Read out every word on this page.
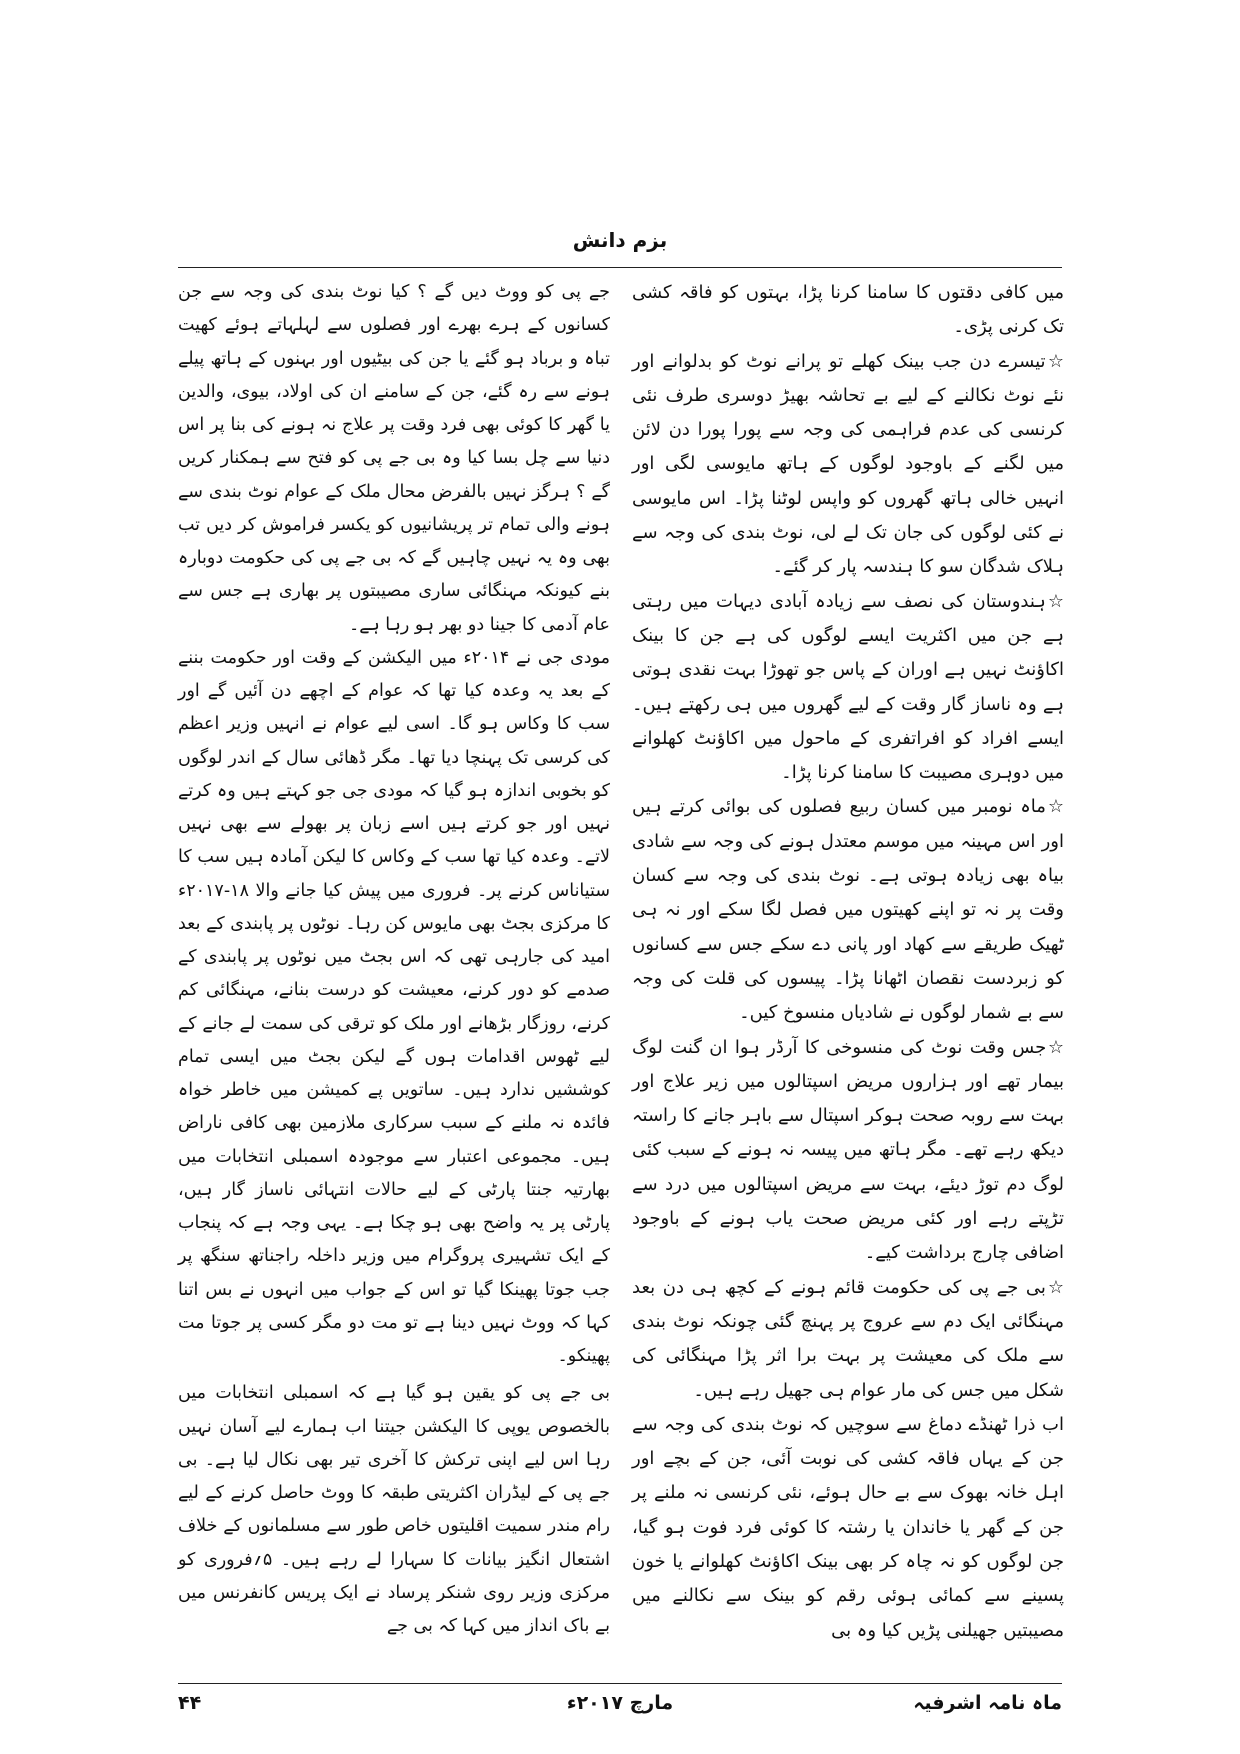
بزم دانش

میں کافی دقتوں کا سامنا کرنا پڑا، بہتوں کو فاقہ کشی تک کرنی پڑی۔

☆تیسرے دن جب بینک کھلے تو پرانے نوٹ کو بدلوانے اور نئے نوٹ نکالنے کے لیے بے تحاشہ بھیڑ دوسری طرف نئی کرنسی کی عدم فراہمی کی وجہ سے پورا پورا دن لائن میں لگنے کے باوجود لوگوں کے ہاتھ مایوسی لگی اور انہیں خالی ہاتھ گھروں کو واپس لوٹنا پڑا۔ اس مایوسی نے کئی لوگوں کی جان تک لے لی، نوٹ بندی کی وجہ سے ہلاک شدگان سو کا ہندسہ پار کر گئے۔

☆ہندوستان کی نصف سے زیادہ آبادی دیہات میں رہتی ہے جن میں اکثریت ایسے لوگوں کی ہے جن کا بینک اکاؤنٹ نہیں ہے اوران کے پاس جو تھوڑا بہت نقدی ہوتی ہے وہ ناساز گار وقت کے لیے گھروں میں ہی رکھتے ہیں۔ ایسے افراد کو افراتفری کے ماحول میں اکاؤنٹ کھلوانے میں دوہری مصیبت کا سامنا کرنا پڑا۔

☆ماہ نومبر میں کسان ربیع فصلوں کی بوائی کرتے ہیں اور اس مہینہ میں موسم معتدل ہونے کی وجہ سے شادی بیاہ بھی زیادہ ہوتی ہے۔ نوٹ بندی کی وجہ سے کسان وقت پر نہ تو اپنے کھیتوں میں فصل لگا سکے اور نہ ہی ٹھیک طریقے سے کھاد اور پانی دے سکے جس سے کسانوں کو زبردست نقصان اٹھانا پڑا۔ پیسوں کی قلت کی وجہ سے بے شمار لوگوں نے شادیاں منسوخ کیں۔

☆جس وقت نوٹ کی منسوخی کا آرڈر ہوا ان گنت لوگ بیمار تھے اور ہزاروں مریض اسپتالوں میں زیر علاج اور بہت سے روبہ صحت ہوکر اسپتال سے باہر جانے کا راستہ دیکھ رہے تھے۔ مگر ہاتھ میں پیسہ نہ ہونے کے سبب کئی لوگ دم توڑ دیئے، بہت سے مریض اسپتالوں میں درد سے تڑپتے رہے اور کئی مریض صحت یاب ہونے کے باوجود اضافی چارج برداشت کیے۔

☆بی جے پی کی حکومت قائم ہونے کے کچھ ہی دن بعد مہنگائی ایک دم سے عروج پر پہنچ گئی چونکہ نوٹ بندی سے ملک کی معیشت پر بہت برا اثر پڑا مہنگائی کی شکل میں جس کی مار عوام ہی جھیل رہے ہیں۔

اب ذرا ٹھنڈے دماغ سے سوچیں کہ نوٹ بندی کی وجہ سے جن کے یہاں فاقہ کشی کی نوبت آئی، جن کے بچے اور اہل خانہ بھوک سے بے حال ہوئے، نئی کرنسی نہ ملنے پر جن کے گھر یا خاندان یا رشتہ کا کوئی فرد فوت ہو گیا، جن لوگوں کو نہ چاہ کر بھی بینک اکاؤنٹ کھلوانے یا خون پسینے سے کمائی ہوئی رقم کو بینک سے نکالنے میں مصیبتیں جھیلنی پڑیں کیا وہ بی

جے پی کو ووٹ دیں گے ؟ کیا نوٹ بندی کی وجہ سے جن کسانوں کے ہرے بھرے اور فصلوں سے لہلہاتے ہوئے کھیت تباہ و برباد ہو گئے یا جن کی بیٹیوں اور بہنوں کے ہاتھ پیلے ہونے سے رہ گئے، جن کے سامنے ان کی اولاد، بیوی، والدین یا گھر کا کوئی بھی فرد وقت پر علاج نہ ہونے کی بنا پر اس دنیا سے چل بسا کیا وہ بی جے پی کو فتح سے ہمکنار کریں گے ؟ ہرگز نہیں بالفرض محال ملک کے عوام نوٹ بندی سے ہونے والی تمام تر پریشانیوں کو یکسر فراموش کر دیں تب بھی وہ یہ نہیں چاہیں گے کہ بی جے پی کی حکومت دوبارہ بنے کیونکہ مہنگائی ساری مصیبتوں پر بھاری ہے جس سے عام آدمی کا جینا دو بھر ہو رہا ہے۔

مودی جی نے ۲۰۱۴ء میں الیکشن کے وقت اور حکومت بننے کے بعد یہ وعدہ کیا تھا کہ عوام کے اچھے دن آئیں گے اور سب کا وکاس ہو گا۔ اسی لیے عوام نے انہیں وزیر اعظم کی کرسی تک پہنچا دیا تھا۔ مگر ڈھائی سال کے اندر لوگوں کو بخوبی اندازہ ہو گیا کہ مودی جی جو کہتے ہیں وہ کرتے نہیں اور جو کرتے ہیں اسے زبان پر بھولے سے بھی نہیں لاتے۔ وعدہ کیا تھا سب کے وکاس کا لیکن آمادہ ہیں سب کا ستیاناس کرنے پر۔ فروری میں پیش کیا جانے والا ۱۸-۲۰۱۷ء کا مرکزی بجٹ بھی مایوس کن رہا۔ نوٹوں پر پابندی کے بعد امید کی جارہی تھی کہ اس بجٹ میں نوٹوں پر پابندی کے صدمے کو دور کرنے، معیشت کو درست بنانے، مہنگائی کم کرنے، روزگار بڑھانے اور ملک کو ترقی کی سمت لے جانے کے لیے ٹھوس اقدامات ہوں گے لیکن بجٹ میں ایسی تمام کوششیں ندارد ہیں۔ ساتویں پے کمیشن میں خاطر خواہ فائدہ نہ ملنے کے سبب سرکاری ملازمین بھی کافی ناراض ہیں۔ مجموعی اعتبار سے موجودہ اسمبلی انتخابات میں بھارتیہ جنتا پارٹی کے لیے حالات انتہائی ناساز گار ہیں، پارٹی پر یہ واضح بھی ہو چکا ہے۔ یہی وجہ ہے کہ پنجاب کے ایک تشہیری پروگرام میں وزیر داخلہ راجناتھ سنگھ پر جب جوتا پھینکا گیا تو اس کے جواب میں انہوں نے بس اتنا کہا کہ ووٹ نہیں دینا ہے تو مت دو مگر کسی پر جوتا مت پھینکو۔

بی جے پی کو یقین ہو گیا ہے کہ اسمبلی انتخابات میں بالخصوص یوپی کا الیکشن جیتنا اب ہمارے لیے آسان نہیں رہا اس لیے اپنی ترکش کا آخری تیر بھی نکال لیا ہے۔ بی جے پی کے لیڈران اکثریتی طبقہ کا ووٹ حاصل کرنے کے لیے رام مندر سمیت اقلیتوں خاص طور سے مسلمانوں کے خلاف اشتعال انگیز بیانات کا سہارا لے رہے ہیں۔ ۵؍فروری کو مرکزی وزیر روی شنکر پرساد نے ایک پریس کانفرنس میں بے باک انداز میں کہا کہ بی جے

ماہ نامہ اشرفیہ
مارچ ۲۰۱۷ء
۴۴
